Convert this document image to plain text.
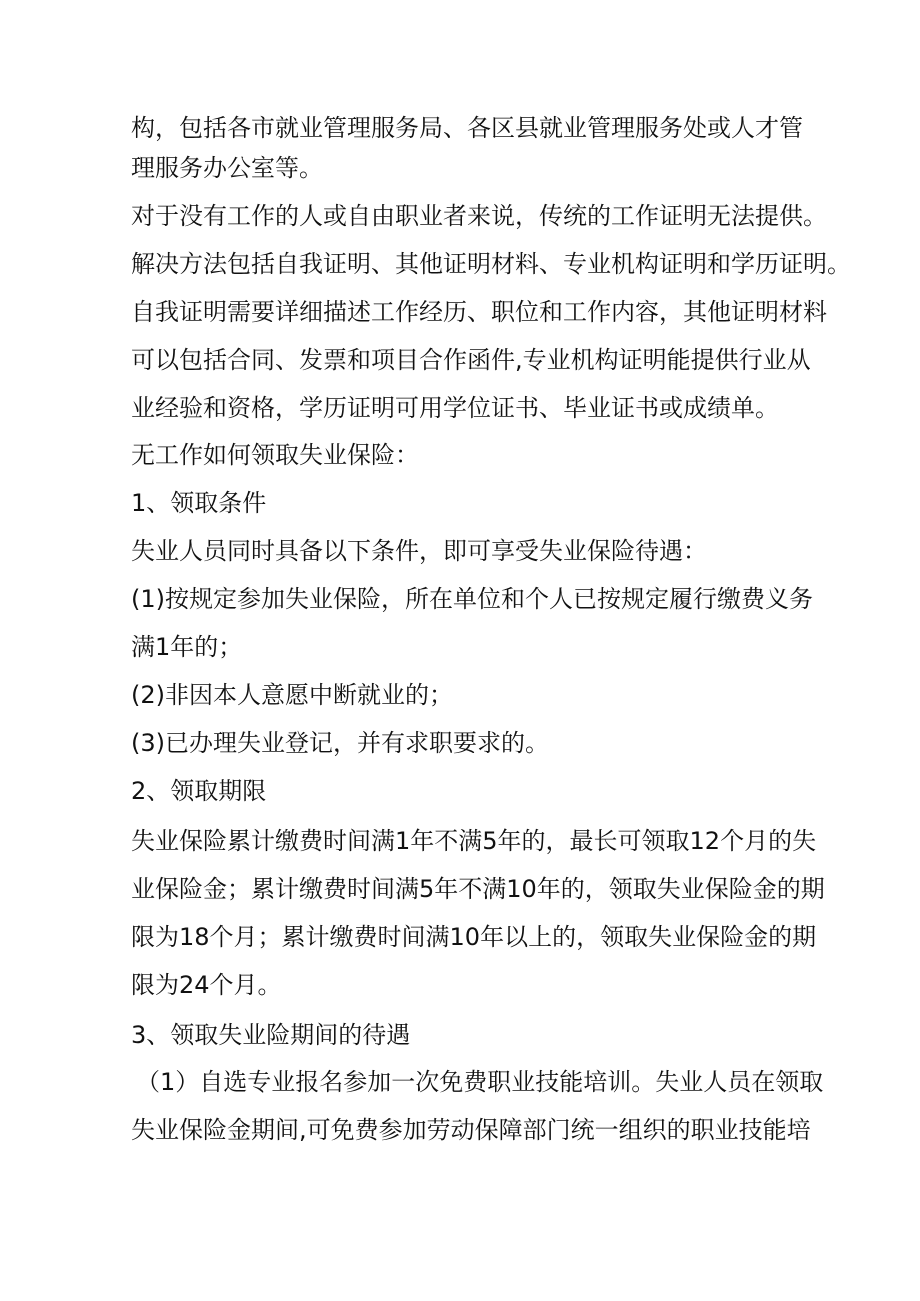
构，包括各市就业管理服务局、各区县就业管理服务处或人才管
理服务办公室等。
对于没有工作的人或自由职业者来说，传统的工作证明无法提供。
解决方法包括自我证明、其他证明材料、专业机构证明和学历证明。
自我证明需要详细描述工作经历、职位和工作内容，其他证明材料
可以包括合同、发票和项目合作函件,专业机构证明能提供行业从
业经验和资格，学历证明可用学位证书、毕业证书或成绩单。
无工作如何领取失业保险：
1、领取条件
失业人员同时具备以下条件，即可享受失业保险待遇：
(1)按规定参加失业保险，所在单位和个人已按规定履行缴费义务
满1年的；
(2)非因本人意愿中断就业的；
(3)已办理失业登记，并有求职要求的。
2、领取期限
失业保险累计缴费时间满1年不满5年的，最长可领取12个月的失
业保险金；累计缴费时间满5年不满10年的，领取失业保险金的期
限为18个月；累计缴费时间满10年以上的，领取失业保险金的期
限为24个月。
3、领取失业险期间的待遇
（1）自选专业报名参加一次免费职业技能培训。失业人员在领取
失业保险金期间,可免费参加劳动保障部门统一组织的职业技能培
